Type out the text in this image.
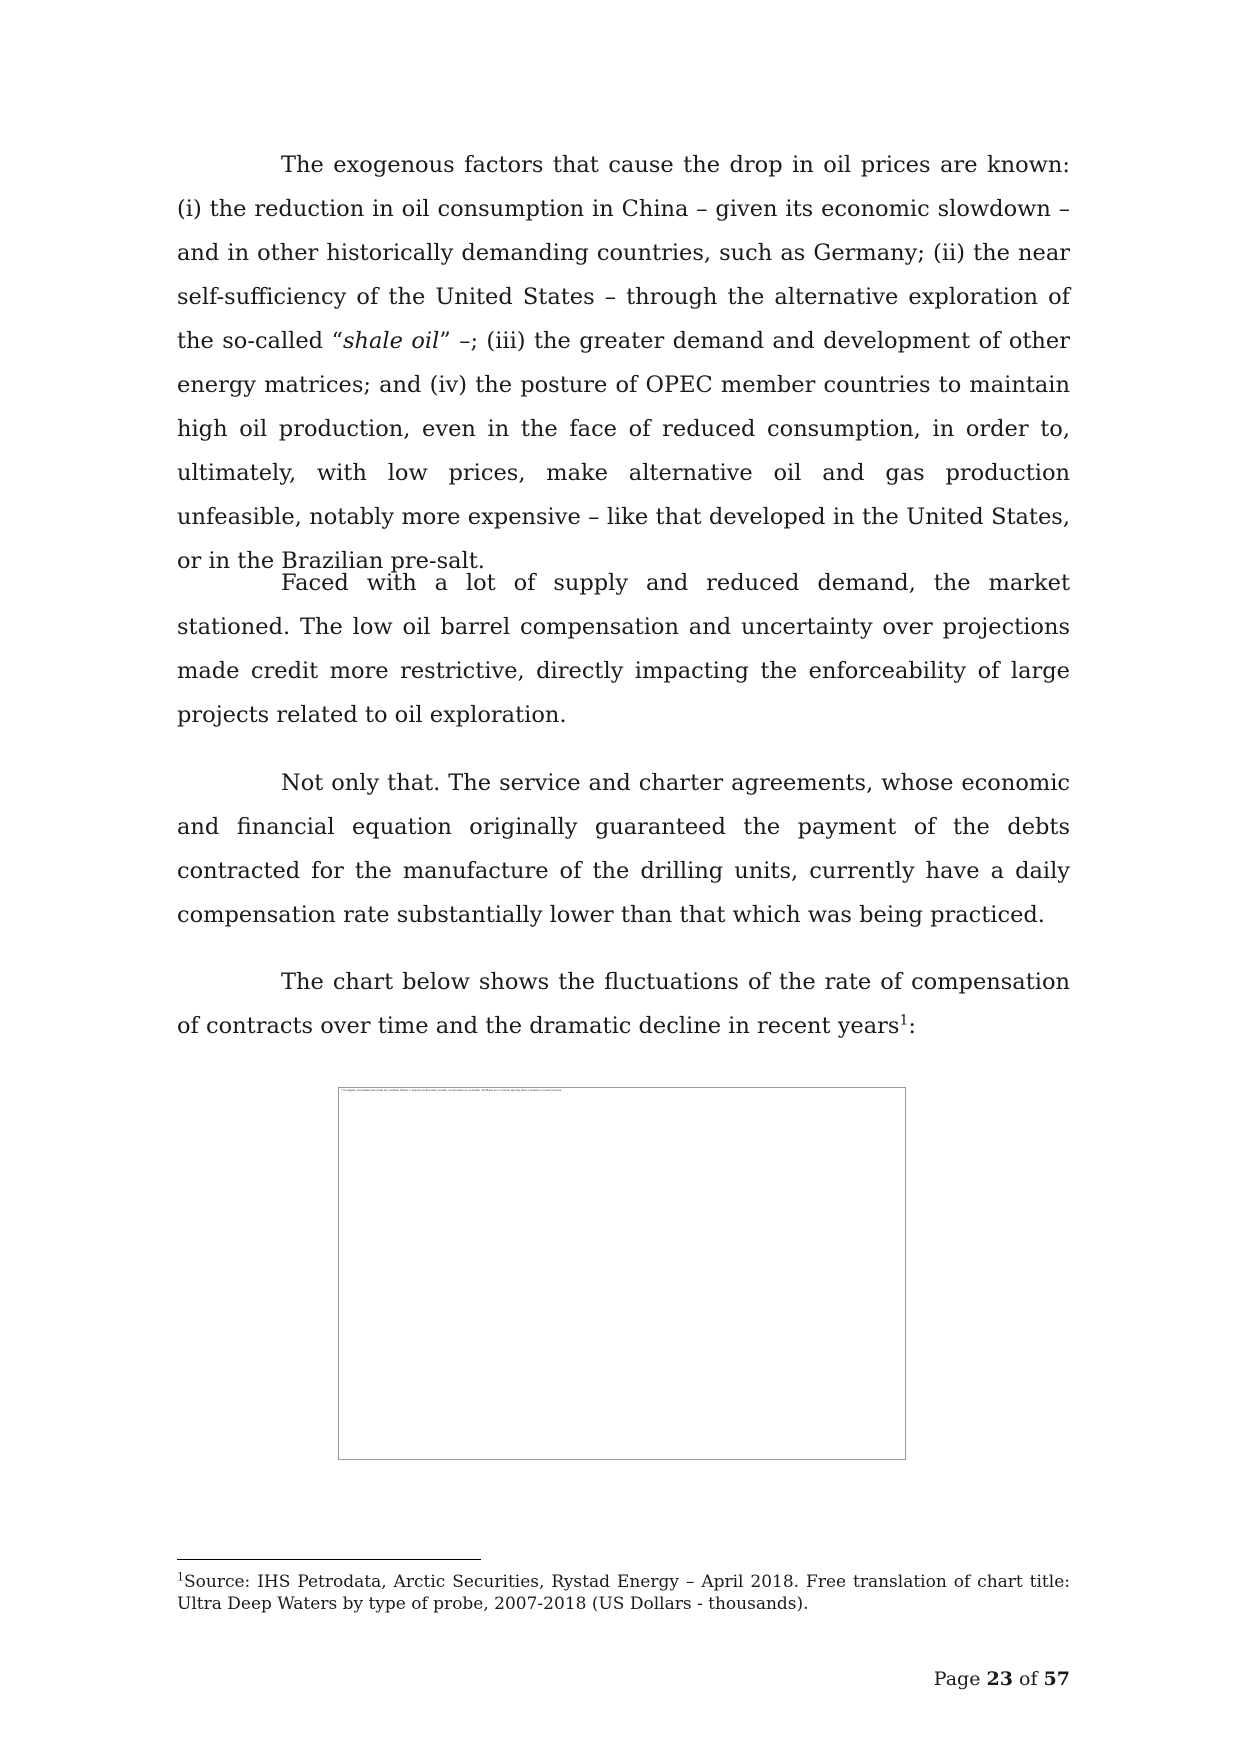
The exogenous factors that cause the drop in oil prices are known: (i) the reduction in oil consumption in China – given its economic slowdown – and in other historically demanding countries, such as Germany; (ii) the near self-sufficiency of the United States – through the alternative exploration of the so-called “shale oil” –; (iii) the greater demand and development of other energy matrices; and (iv) the posture of OPEC member countries to maintain high oil production, even in the face of reduced consumption, in order to, ultimately, with low prices, make alternative oil and gas production unfeasible, notably more expensive – like that developed in the United States, or in the Brazilian pre-salt.

Faced with a lot of supply and reduced demand, the market stationed. The low oil barrel compensation and uncertainty over projections made credit more restrictive, directly impacting the enforceability of large projects related to oil exploration.

Not only that. The service and charter agreements, whose economic and financial equation originally guaranteed the payment of the debts contracted for the manufacture of the drilling units, currently have a daily compensation rate substantially lower than that which was being practiced.

The chart below shows the fluctuations of the rate of compensation of contracts over time and the dramatic decline in recent years$^1$:

* A imagem vinculada não pode ser exibida. Talvez o arquivo tenha sido movido, renomeado ou excluído. Verifique se o vínculo aponta para o arquivo e local corretos.

$^1$Source: IHS Petrodata, Arctic Securities, Rystad Energy – April 2018. Free translation of chart title: Ultra Deep Waters by type of probe, 2007-2018 (US Dollars - thousands).

Page 23 of 57
